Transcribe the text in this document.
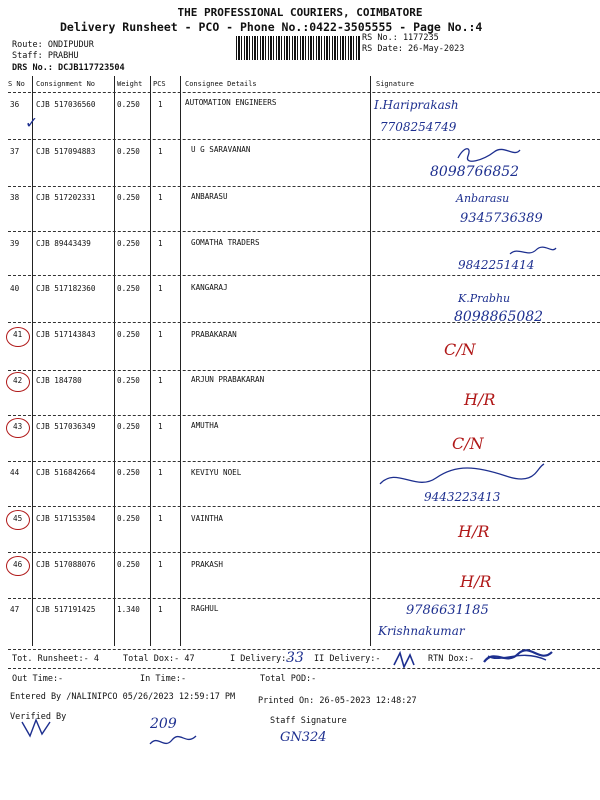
THE PROFESSIONAL COURIERS, COIMBATORE
Delivery Runsheet - PCO - Phone No.:0422-3505555 - Page No.:4
Route: ONDIPUDUR
Staff: PRABHU
DRS No.: DCJB117723504
RS No.: 1177235
RS Date: 26-May-2023
S No Consignment No	Weight PCS	Consignee Details	Signature
36 CJB 517036560	0.250 1	AUTOMATION ENGINEERS	I.Hariprakash
7708254749
37 CJB 517094883	0.250 1	U G SARAVANAN
8098766852
38 CJB 517202331	0.250 1	ANBARASU	Anbarasu
9345736389
39 CJB 89443439	0.250 1	GOMATHA TRADERS
9842251414
40 CJB 517182360	0.250 1	KANGARAJ
K.Prabhu
8098865082
41 CJB 517143843	0.250 1	PRABAKARAN
C/N
42 CJB 184780	0.250 1	ARJUN PRABAKARAN
H/R
43 CJB 517036349	0.250 1	AMUTHA
C/N
44 CJB 516842664	0.250 1	KEVIYU NOEL
9443223413
45 CJB 517153504	0.250 1	VAINTHA
H/R
46 CJB 517088076	0.250 1	PRAKASH
H/R
47 CJB 517191425	1.340 1	RAGHUL	9786631185
Krishnakumar
✓
Tot. Runsheet:- 4	Total Dox:- 47	I Delivery:-
33 II Delivery:-	RTN Dox:-
Out Time:-	In Time:-	Total POD:-
Entered By /NALINIPCO 05/26/2023 12:59:17 PM	Printed On: 26-05-2023 12:48:27
Verified By	Staff Signature
209
GN324
